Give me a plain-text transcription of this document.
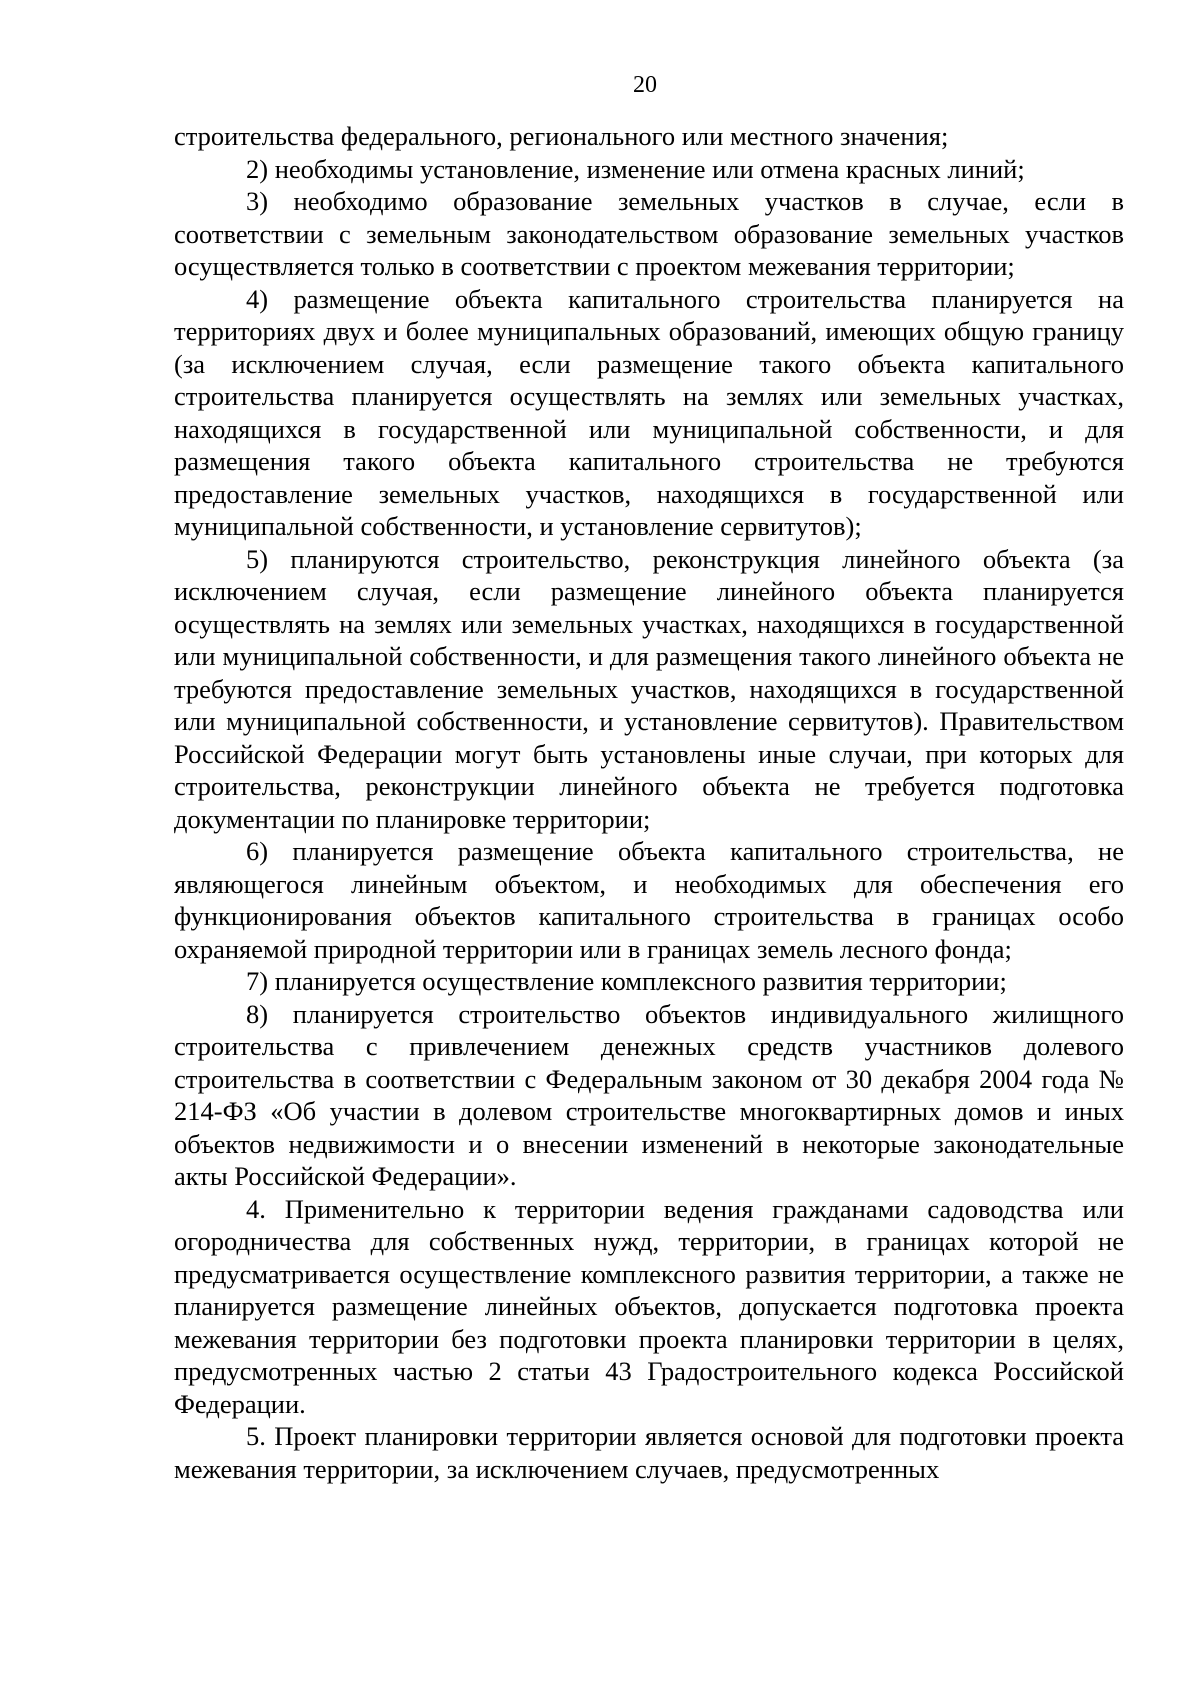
20

строительства федерального, регионального или местного значения;

2) необходимы установление, изменение или отмена красных линий;

3) необходимо образование земельных участков в случае, если в соответствии с земельным законодательством образование земельных участков осуществляется только в соответствии с проектом межевания территории;

4) размещение объекта капитального строительства планируется на территориях двух и более муниципальных образований, имеющих общую границу (за исключением случая, если размещение такого объекта капитального строительства планируется осуществлять на землях или земельных участках, находящихся в государственной или муниципальной собственности, и для размещения такого объекта капитального строительства не требуются предоставление земельных участков, находящихся в государственной или муниципальной собственности, и установление сервитутов);

5) планируются строительство, реконструкция линейного объекта (за исключением случая, если размещение линейного объекта планируется осуществлять на землях или земельных участках, находящихся в государственной или муниципальной собственности, и для размещения такого линейного объекта не требуются предоставление земельных участков, находящихся в государственной или муниципальной собственности, и установление сервитутов). Правительством Российской Федерации могут быть установлены иные случаи, при которых для строительства, реконструкции линейного объекта не требуется подготовка документации по планировке территории;

6) планируется размещение объекта капитального строительства, не являющегося линейным объектом, и необходимых для обеспечения его функционирования объектов капитального строительства в границах особо охраняемой природной территории или в границах земель лесного фонда;

7) планируется осуществление комплексного развития территории;

8) планируется строительство объектов индивидуального жилищного строительства с привлечением денежных средств участников долевого строительства в соответствии с Федеральным законом от 30 декабря 2004 года № 214-ФЗ «Об участии в долевом строительстве многоквартирных домов и иных объектов недвижимости и о внесении изменений в некоторые законодательные акты Российской Федерации».

4. Применительно к территории ведения гражданами садоводства или огородничества для собственных нужд, территории, в границах которой не предусматривается осуществление комплексного развития территории, а также не планируется размещение линейных объектов, допускается подготовка проекта межевания территории без подготовки проекта планировки территории в целях, предусмотренных частью 2 статьи 43 Градостроительного кодекса Российской Федерации.

5. Проект планировки территории является основой для подготовки проекта межевания территории, за исключением случаев, предусмотренных
